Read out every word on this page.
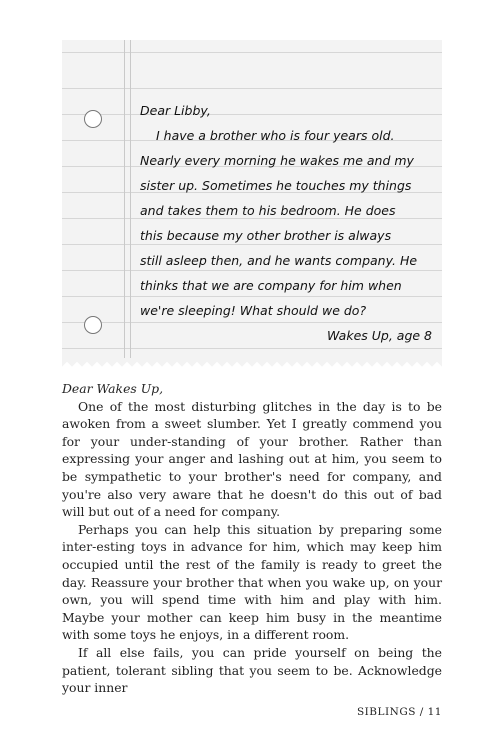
Dear Libby,
I have a brother who is four years old.
Nearly every morning he wakes me and my
sister up. Sometimes he touches my things
and takes them to his bedroom. He does
this because my other brother is always
still asleep then, and he wants company. He
thinks that we are company for him when
we're sleeping! What should we do?
Wakes Up, age 8

Dear Wakes Up,

One of the most disturbing glitches in the day is to be awoken from a sweet slumber. Yet I greatly commend you for your under-standing of your brother. Rather than expressing your anger and lashing out at him, you seem to be sympathetic to your brother's need for company, and you're also very aware that he doesn't do this out of bad will but out of a need for company.

Perhaps you can help this situation by preparing some inter-esting toys in advance for him, which may keep him occupied until the rest of the family is ready to greet the day. Reassure your brother that when you wake up, on your own, you will spend time with him and play with him. Maybe your mother can keep him busy in the meantime with some toys he enjoys, in a different room.

If all else fails, you can pride yourself on being the patient, tolerant sibling that you seem to be. Acknowledge your inner

SIBLINGS / 11
